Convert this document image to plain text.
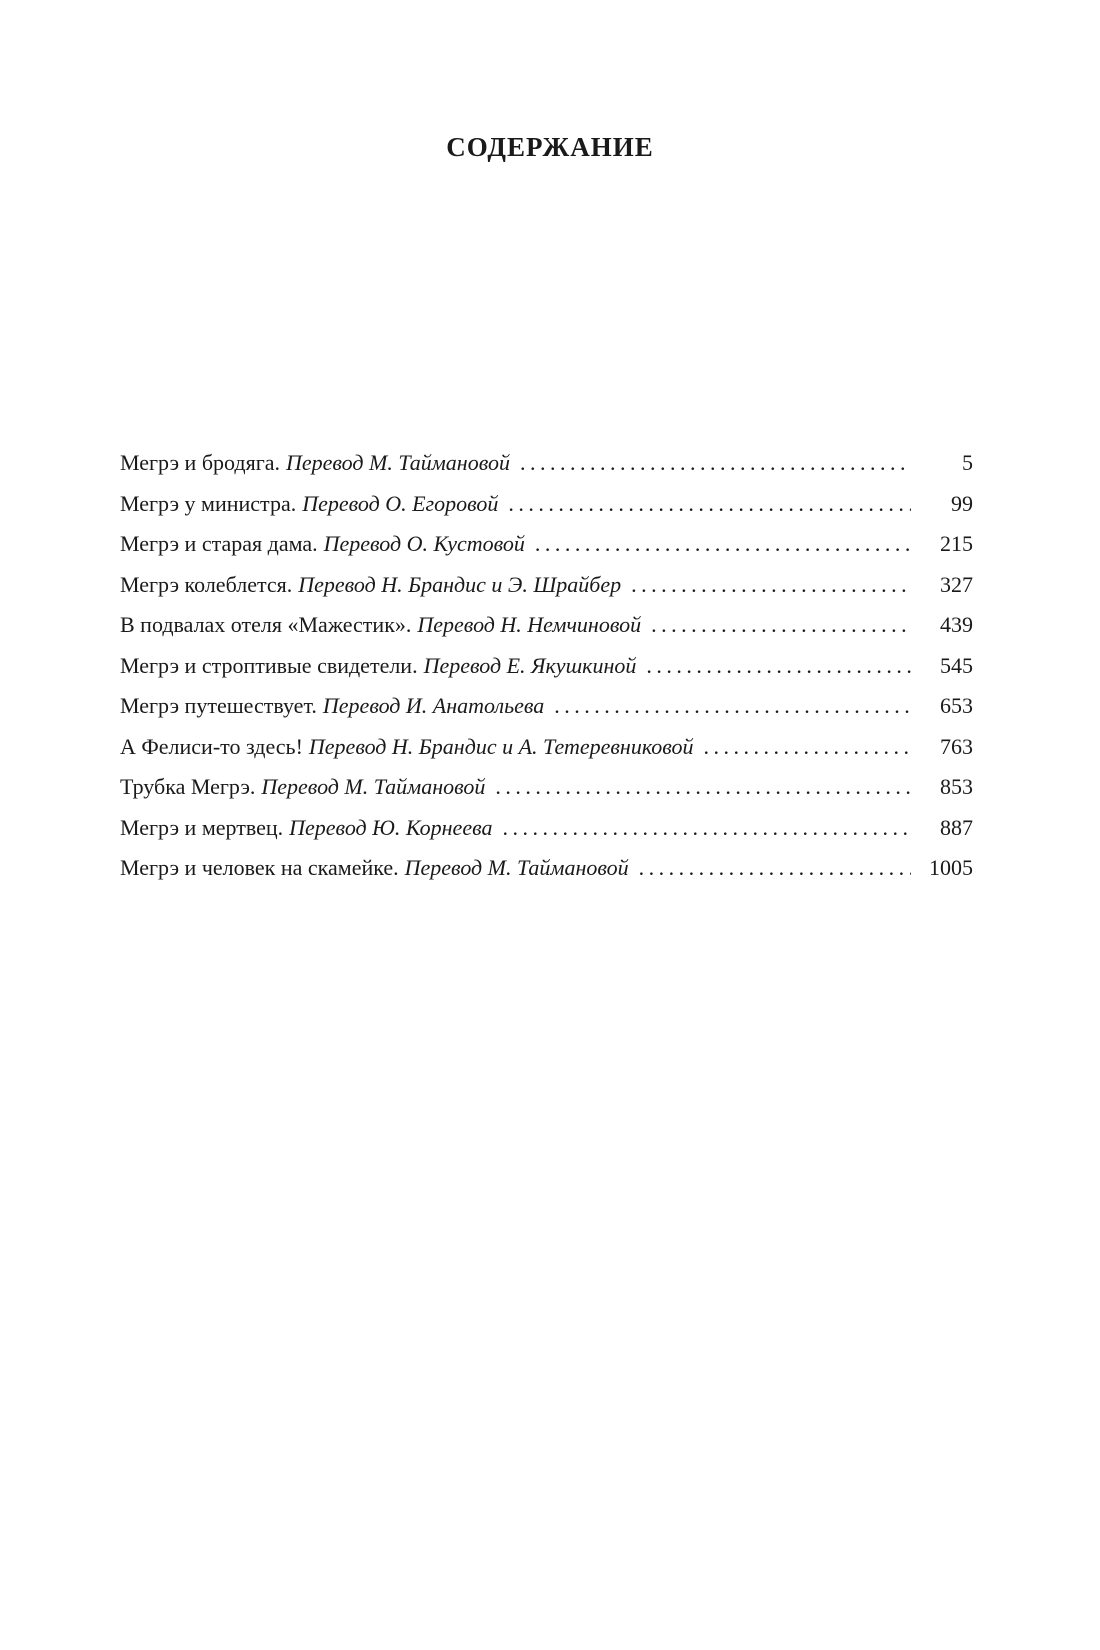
СОДЕРЖАНИЕ
Мегрэ и бродяга. Перевод М. Таймановой . . .	5
Мегрэ у министра. Перевод О. Егоровой . . .	99
Мегрэ и старая дама. Перевод О. Кустовой . . .	215
Мегрэ колеблется. Перевод Н. Брандис и Э. Шрайбер . . .	327
В подвалах отеля «Мажестик». Перевод Н. Немчиновой . . .	439
Мегрэ и строптивые свидетели. Перевод Е. Якушкиной . . .	545
Мегрэ путешествует. Перевод И. Анатольева . . .	653
А Фелиси-то здесь! Перевод Н. Брандис и А. Тетеревниковой . . .	763
Трубка Мегрэ. Перевод М. Таймановой . . .	853
Мегрэ и мертвец. Перевод Ю. Корнеева . . .	887
Мегрэ и человек на скамейке. Перевод М. Таймановой . . .	1005
